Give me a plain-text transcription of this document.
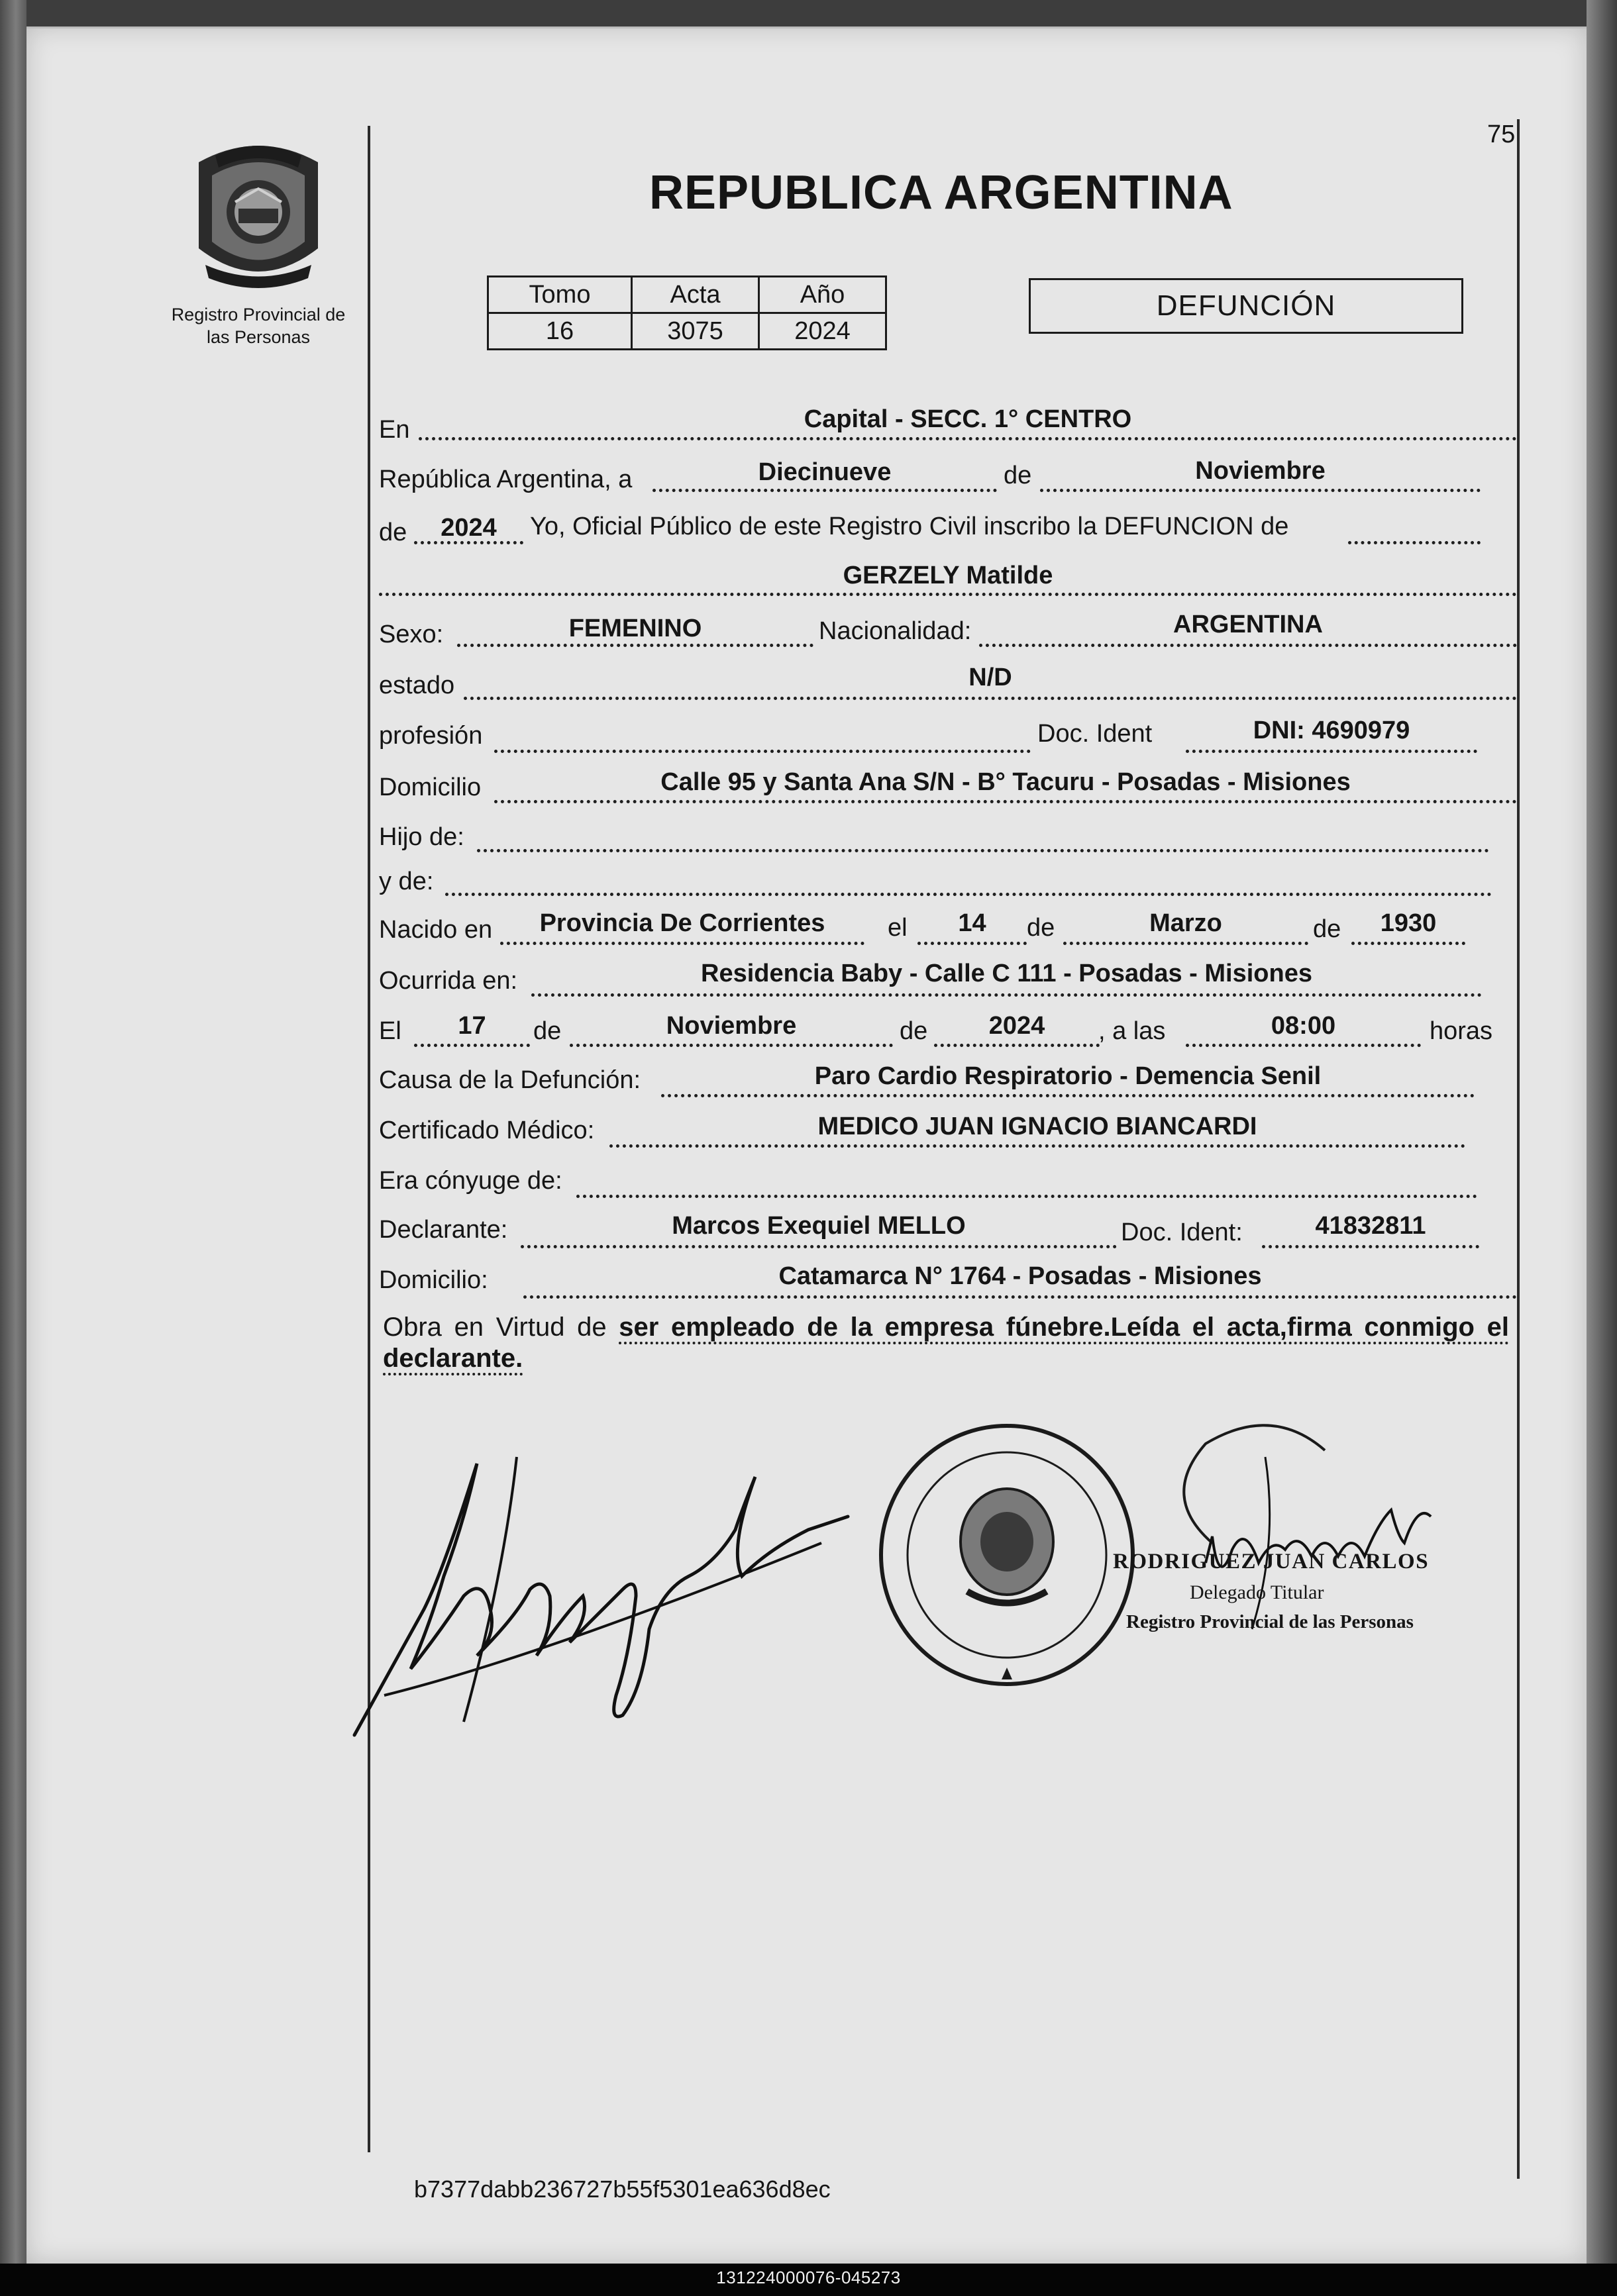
75
Registro Provincial de
las Personas
REPUBLICA ARGENTINA
Tomo	Acta	Año
16	3075	2024
DEFUNCIÓN
En	Capital - SECC. 1° CENTRO
República Argentina, a	Diecinueve	de	Noviembre
de	2024	Yo, Oficial Público de este Registro Civil inscribo la DEFUNCION de
GERZELY Matilde
Sexo:	FEMENINO	Nacionalidad:	ARGENTINA
estado	N/D
profesión	Doc. Ident	DNI: 4690979
Domicilio	Calle 95 y Santa Ana S/N - B° Tacuru - Posadas - Misiones
Hijo de:
y de:
Nacido en	Provincia De Corrientes	el	14	de	Marzo	de	1930
Ocurrida en:	Residencia Baby - Calle C 111 - Posadas - Misiones
El	17	de	Noviembre	de	2024	, a las	08:00	horas
Causa de la Defunción:	Paro Cardio Respiratorio - Demencia Senil
Certificado Médico:	MEDICO JUAN IGNACIO BIANCARDI
Era cónyuge de:
Declarante:	Marcos Exequiel MELLO	Doc. Ident:	41832811
Domicilio:	Catamarca N° 1764 - Posadas - Misiones
Obra en Virtud de ser empleado de la empresa fúnebre.Leída el acta,firma conmigo el
declarante.
RODRIGUEZ JUAN CARLOS
Delegado Titular
Registro Provincial de las Personas
b7377dabb236727b55f5301ea636d8ec
131224000076-045273
